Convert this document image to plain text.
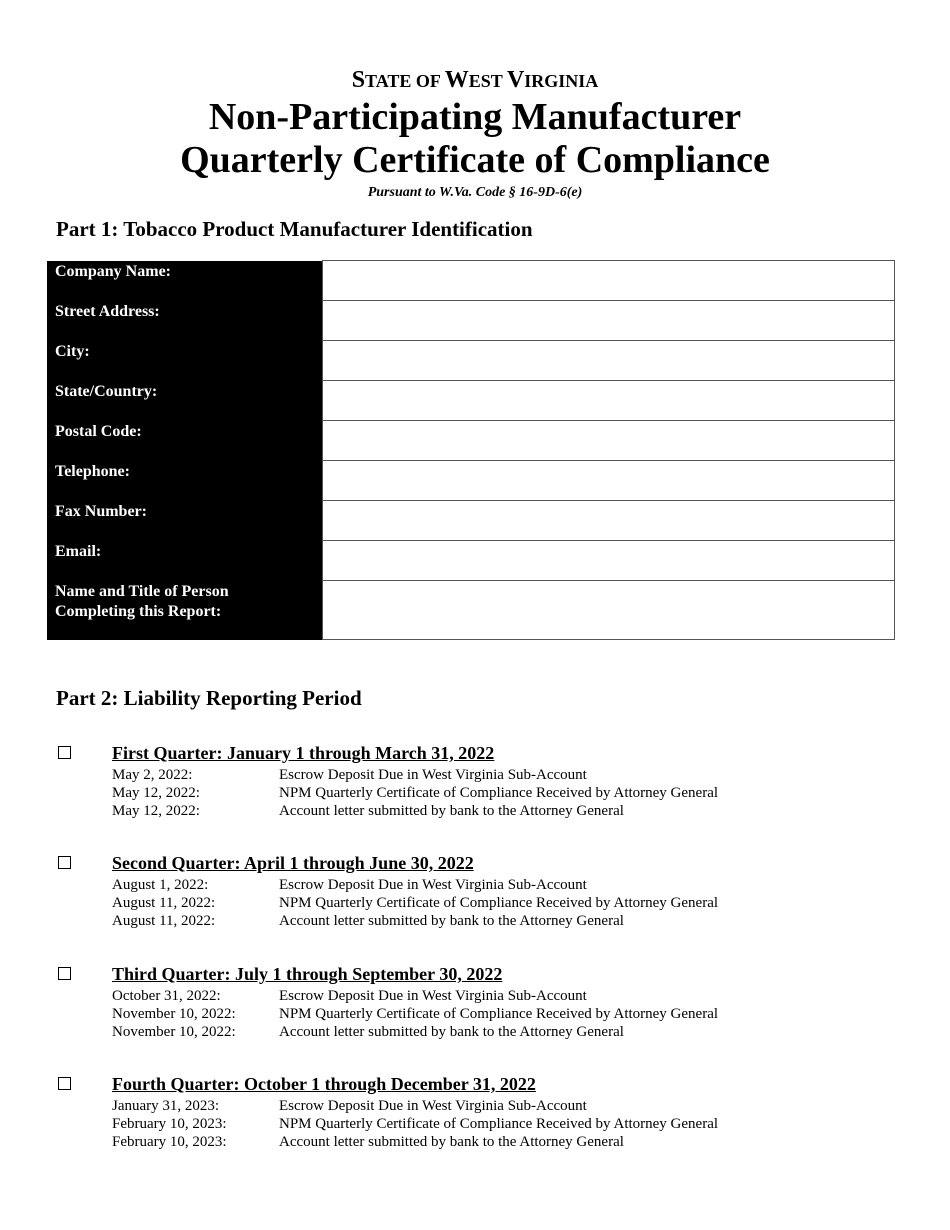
STATE OF WEST VIRGINIA
Non-Participating Manufacturer
Quarterly Certificate of Compliance
Pursuant to W.Va. Code § 16-9D-6(e)
Part 1: Tobacco Product Manufacturer Identification
Company Name:	
Street Address:	
City:	
State/Country:	
Postal Code:	
Telephone:	
Fax Number:	
Email:	

Name and Title of Person
Completing this Report:	

Part 2: Liability Reporting Period
First Quarter: January 1 through March 31, 2022
May 2, 2022:	Escrow Deposit Due in West Virginia Sub-Account
May 12, 2022:	NPM Quarterly Certificate of Compliance Received by Attorney General
May 12, 2022:	Account letter submitted by bank to the Attorney General
Second Quarter: April 1 through June 30, 2022
August 1, 2022:	Escrow Deposit Due in West Virginia Sub-Account
August 11, 2022:	NPM Quarterly Certificate of Compliance Received by Attorney General
August 11, 2022:	Account letter submitted by bank to the Attorney General
Third Quarter: July 1 through September 30, 2022
October 31, 2022:	Escrow Deposit Due in West Virginia Sub-Account
November 10, 2022:	NPM Quarterly Certificate of Compliance Received by Attorney General
November 10, 2022:	Account letter submitted by bank to the Attorney General
Fourth Quarter: October 1 through December 31, 2022
January 31, 2023:	Escrow Deposit Due in West Virginia Sub-Account
February 10, 2023:	NPM Quarterly Certificate of Compliance Received by Attorney General
February 10, 2023:	Account letter submitted by bank to the Attorney General
